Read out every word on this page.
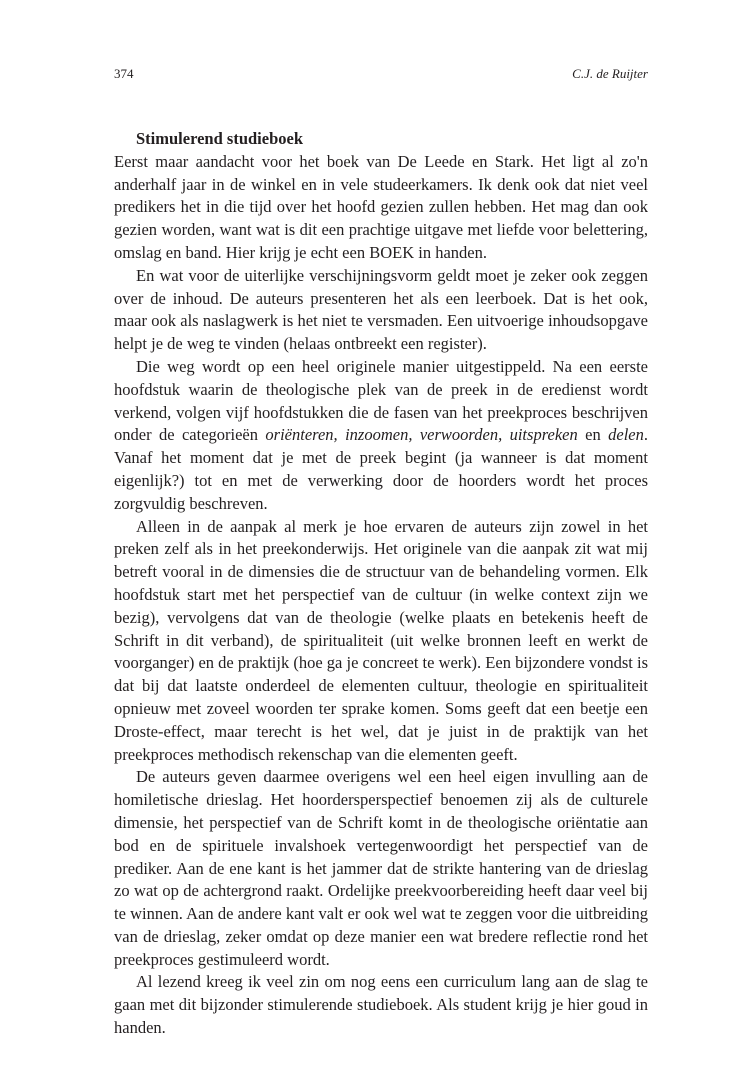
374	C.J. de Ruijter
Stimulerend studieboek

Eerst maar aandacht voor het boek van De Leede en Stark. Het ligt al zo'n anderhalf jaar in de winkel en in vele studeerkamers. Ik denk ook dat niet veel predikers het in die tijd over het hoofd gezien zullen hebben. Het mag dan ook gezien worden, want wat is dit een prachtige uitgave met liefde voor belettering, omslag en band. Hier krijg je echt een BOEK in handen.

En wat voor de uiterlijke verschijningsvorm geldt moet je zeker ook zeggen over de inhoud. De auteurs presenteren het als een leerboek. Dat is het ook, maar ook als naslagwerk is het niet te versmaden. Een uitvoerige inhoudsopgave helpt je de weg te vinden (helaas ontbreekt een register).

Die weg wordt op een heel originele manier uitgestippeld. Na een eerste hoofdstuk waarin de theologische plek van de preek in de eredienst wordt verkend, volgen vijf hoofdstukken die de fasen van het preekproces beschrijven onder de categorieën oriënteren, inzoomen, verwoorden, uitspreken en delen. Vanaf het moment dat je met de preek begint (ja wanneer is dat moment eigenlijk?) tot en met de verwerking door de hoorders wordt het proces zorgvuldig beschreven.

Alleen in de aanpak al merk je hoe ervaren de auteurs zijn zowel in het preken zelf als in het preekonderwijs. Het originele van die aanpak zit wat mij betreft vooral in de dimensies die de structuur van de behandeling vormen. Elk hoofdstuk start met het perspectief van de cultuur (in welke context zijn we bezig), vervolgens dat van de theologie (welke plaats en betekenis heeft de Schrift in dit verband), de spiritualiteit (uit welke bronnen leeft en werkt de voorganger) en de praktijk (hoe ga je concreet te werk). Een bijzondere vondst is dat bij dat laatste onderdeel de elementen cultuur, theologie en spiritualiteit opnieuw met zoveel woorden ter sprake komen. Soms geeft dat een beetje een Droste-effect, maar terecht is het wel, dat je juist in de praktijk van het preekproces methodisch rekenschap van die elementen geeft.

De auteurs geven daarmee overigens wel een heel eigen invulling aan de homiletische drieslag. Het hoordersperspectief benoemen zij als de culturele dimensie, het perspectief van de Schrift komt in de theologische oriëntatie aan bod en de spirituele invalshoek vertegenwoordigt het perspectief van de prediker. Aan de ene kant is het jammer dat de strikte hantering van de drieslag zo wat op de achtergrond raakt. Ordelijke preekvoorbereiding heeft daar veel bij te winnen. Aan de andere kant valt er ook wel wat te zeggen voor die uitbreiding van de drieslag, zeker omdat op deze manier een wat bredere reflectie rond het preekproces gestimuleerd wordt.

Al lezend kreeg ik veel zin om nog eens een curriculum lang aan de slag te gaan met dit bijzonder stimulerende studieboek. Als student krijg je hier goud in handen.
